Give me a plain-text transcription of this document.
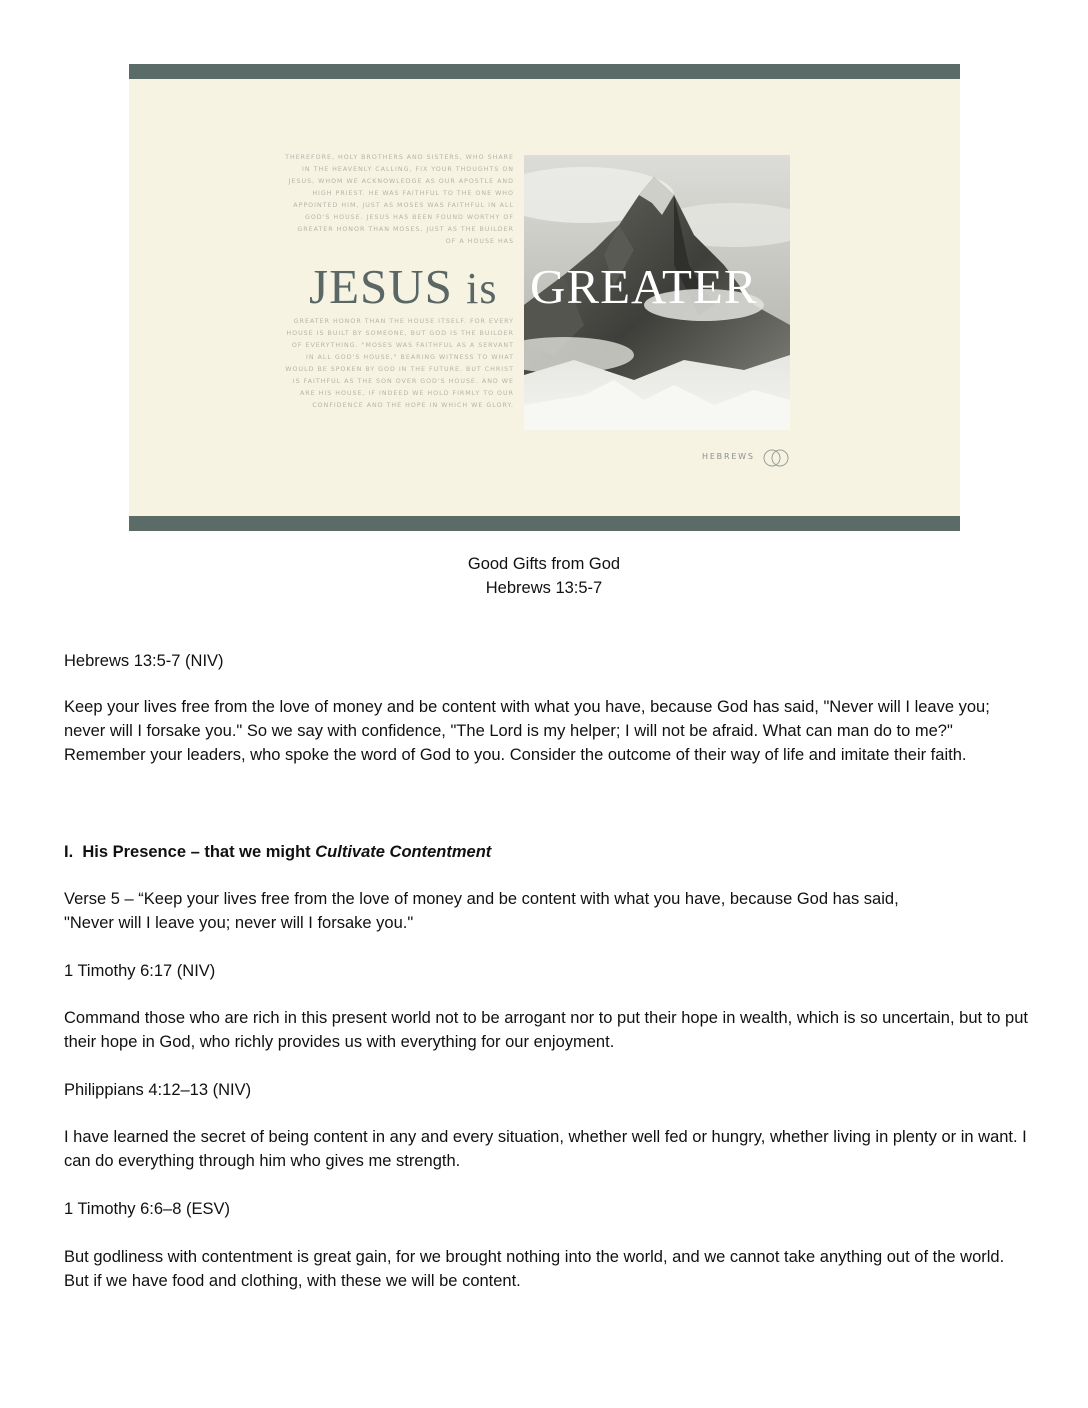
THEREFORE, HOLY BROTHERS AND SISTERS, WHO SHARE IN THE HEAVENLY CALLING, FIX YOUR THOUGHTS ON JESUS, WHOM WE ACKNOWLEDGE AS OUR APOSTLE AND HIGH PRIEST. HE WAS FAITHFUL TO THE ONE WHO APPOINTED HIM, JUST AS MOSES WAS FAITHFUL IN ALL GOD'S HOUSE. JESUS HAS BEEN FOUND WORTHY OF GREATER HONOR THAN MOSES, JUST AS THE BUILDER OF A HOUSE HAS
JESUS is GREATER
GREATER HONOR THAN THE HOUSE ITSELF. FOR EVERY HOUSE IS BUILT BY SOMEONE, BUT GOD IS THE BUILDER OF EVERYTHING. "MOSES WAS FAITHFUL AS A SERVANT IN ALL GOD'S HOUSE," BEARING WITNESS TO WHAT WOULD BE SPOKEN BY GOD IN THE FUTURE. BUT CHRIST IS FAITHFUL AS THE SON OVER GOD'S HOUSE. AND WE ARE HIS HOUSE, IF INDEED WE HOLD FIRMLY TO OUR CONFIDENCE AND THE HOPE IN WHICH WE GLORY.
HEBREWS
Good Gifts from God
Hebrews 13:5-7
Hebrews 13:5-7 (NIV)
Keep your lives free from the love of money and be content with what you have, because God has said, "Never will I leave you; never will I forsake you." So we say with confidence, "The Lord is my helper; I will not be afraid. What can man do to me?" Remember your leaders, who spoke the word of God to you. Consider the outcome of their way of life and imitate their faith.
I. His Presence – that we might Cultivate Contentment
Verse 5 – “Keep your lives free from the love of money and be content with what you have, because God has said,
"Never will I leave you; never will I forsake you."
1 Timothy 6:17 (NIV)
Command those who are rich in this present world not to be arrogant nor to put their hope in wealth, which is so uncertain, but to put their hope in God, who richly provides us with everything for our enjoyment.
Philippians 4:12–13 (NIV)
I have learned the secret of being content in any and every situation, whether well fed or hungry, whether living in plenty or in want. I can do everything through him who gives me strength.
1 Timothy 6:6–8 (ESV)
But godliness with contentment is great gain, for we brought nothing into the world, and we cannot take anything out of the world. But if we have food and clothing, with these we will be content.
